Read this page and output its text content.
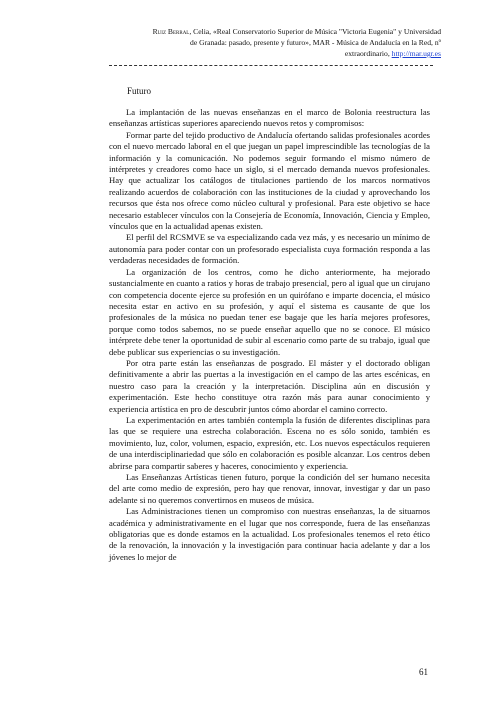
Ruiz Berral, Celia, «Real Conservatorio Superior de Música "Victoria Eugenia" y Universidad
de Granada: pasado, presente y futuro», MAR - Música de Andalucía en la Red, nº
extraordinario, http://mar.ugr.es
Futuro

La implantación de las nuevas enseñanzas en el marco de Bolonia reestructura las enseñanzas artísticas superiores apareciendo nuevos retos y compromisos:

Formar parte del tejido productivo de Andalucía ofertando salidas profesionales acordes con el nuevo mercado laboral en el que juegan un papel imprescindible las tecnologías de la información y la comunicación. No podemos seguir formando el mismo número de intérpretes y creadores como hace un siglo, si el mercado demanda nuevos profesionales. Hay que actualizar los catálogos de titulaciones partiendo de los marcos normativos realizando acuerdos de colaboración con las instituciones de la ciudad y aprovechando los recursos que ésta nos ofrece como núcleo cultural y profesional. Para este objetivo se hace necesario establecer vínculos con la Consejería de Economía, Innovación, Ciencia y Empleo, vínculos que en la actualidad apenas existen.

El perfil del RCSMVE se va especializando cada vez más, y es necesario un mínimo de autonomía para poder contar con un profesorado especialista cuya formación responda a las verdaderas necesidades de formación.

La organización de los centros, como he dicho anteriormente, ha mejorado sustancialmente en cuanto a ratios y horas de trabajo presencial, pero al igual que un cirujano con competencia docente ejerce su profesión en un quirófano e imparte docencia, el músico necesita estar en activo en su profesión, y aquí el sistema es causante de que los profesionales de la música no puedan tener ese bagaje que les haría mejores profesores, porque como todos sabemos, no se puede enseñar aquello que no se conoce. El músico intérprete debe tener la oportunidad de subir al escenario como parte de su trabajo, igual que debe publicar sus experiencias o su investigación.

Por otra parte están las enseñanzas de posgrado. El máster y el doctorado obligan definitivamente a abrir las puertas a la investigación en el campo de las artes escénicas, en nuestro caso para la creación y la interpretación. Disciplina aún en discusión y experimentación. Este hecho constituye otra razón más para aunar conocimiento y experiencia artística en pro de descubrir juntos cómo abordar el camino correcto.

La experimentación en artes también contempla la fusión de diferentes disciplinas para las que se requiere una estrecha colaboración. Escena no es sólo sonido, también es movimiento, luz, color, volumen, espacio, expresión, etc. Los nuevos espectáculos requieren de una interdisciplinariedad que sólo en colaboración es posible alcanzar. Los centros deben abrirse para compartir saberes y haceres, conocimiento y experiencia.

Las Enseñanzas Artísticas tienen futuro, porque la condición del ser humano necesita del arte como medio de expresión, pero hay que renovar, innovar, investigar y dar un paso adelante si no queremos convertirnos en museos de música.

Las Administraciones tienen un compromiso con nuestras enseñanzas, la de situarnos académica y administrativamente en el lugar que nos corresponde, fuera de las enseñanzas obligatorias que es donde estamos en la actualidad. Los profesionales tenemos el reto ético de la renovación, la innovación y la investigación para continuar hacia adelante y dar a los jóvenes lo mejor de

61
